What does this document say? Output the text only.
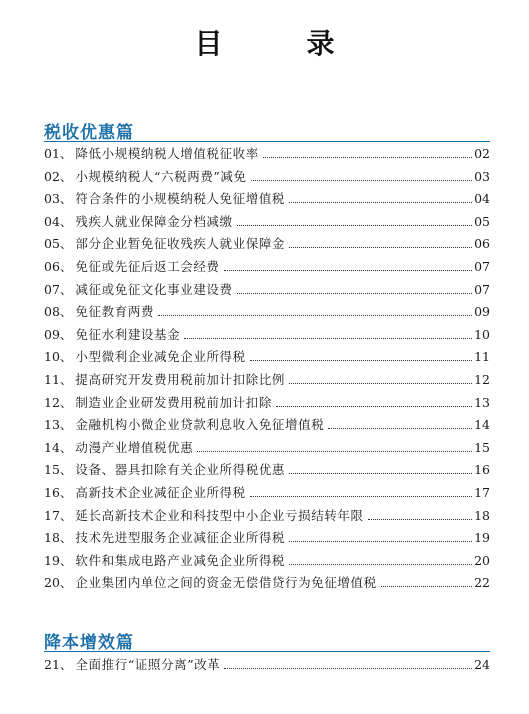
目　录
税收优惠篇
01 、 降低小规模纳税人增值税征收率	02
02 、 小规模纳税人“六税两费”减免	03
03 、 符合条件的小规模纳税人免征增值税	04
04 、 残疾人就业保障金分档减缴	05
05 、 部分企业暂免征收残疾人就业保障金	06
06 、 免征或先征后返工会经费	07
07 、 减征或免征文化事业建设费	07
08 、 免征教育两费	09
09 、 免征水利建设基金	10
10 、 小型微利企业减免企业所得税	11
11 、 提高研究开发费用税前加计扣除比例	12
12 、 制造业企业研发费用税前加计扣除	13
13 、 金融机构小微企业贷款利息收入免征增值税	14
14 、 动漫产业增值税优惠	15
15 、 设备、器具扣除有关企业所得税优惠	16
16 、 高新技术企业减征企业所得税	17
17 、 延长高新技术企业和科技型中小企业亏损结转年限	18
18 、 技术先进型服务企业减征企业所得税	19
19 、 软件和集成电路产业减免企业所得税	20
20 、 企业集团内单位之间的资金无偿借贷行为免征增值税	22
降本增效篇
21 、 全面推行“证照分离”改革	24
